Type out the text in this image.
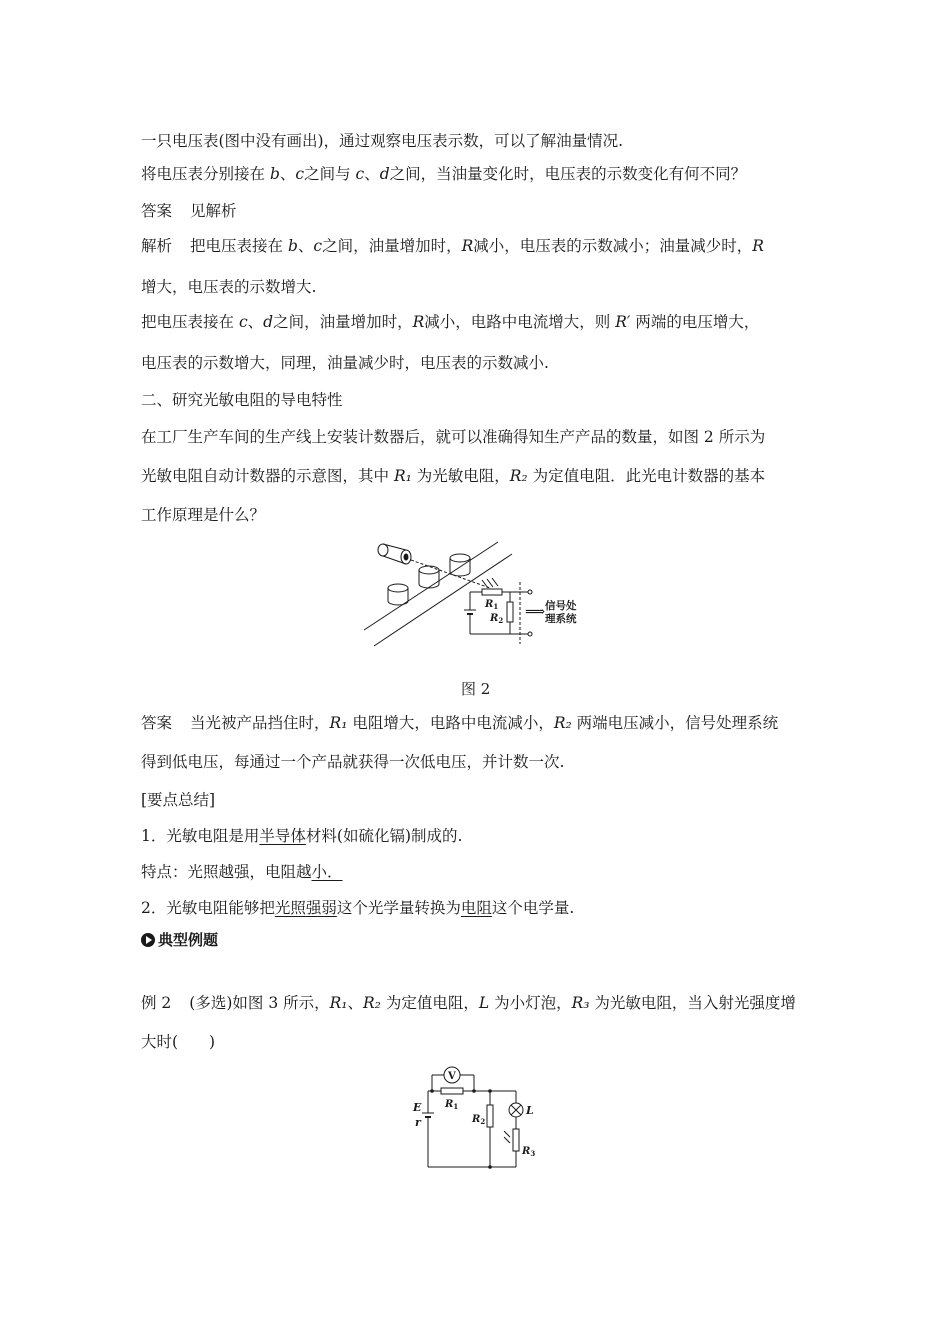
一只电压表(图中没有画出)，通过观察电压表示数，可以了解油量情况.
将电压表分别接在 b、c之间与 c、d之间，当油量变化时，电压表的示数变化有何不同？
答案 见解析
解析 把电压表接在 b、c之间，油量增加时，R减小，电压表的示数减小；油量减少时，R
增大，电压表的示数增大.
把电压表接在 c、d之间，油量增加时，R减小，电路中电流增大，则 R′ 两端的电压增大，
电压表的示数增大，同理，油量减少时，电压表的示数减小.
二、研究光敏电阻的导电特性
在工厂生产车间的生产线上安装计数器后，就可以准确得知生产产品的数量，如图 2 所示为
光敏电阻自动计数器的示意图，其中 R₁ 为光敏电阻，R₂ 为定值电阻．此光电计数器的基本
工作原理是什么？
$R_1$
$R_2$
⟹ 信号处
理系统
图 2
答案 当光被产品挡住时，R₁ 电阻增大，电路中电流减小，R₂ 两端电压减小，信号处理系统
得到低电压，每通过一个产品就获得一次低电压，并计数一次.
[要点总结]
1．光敏电阻是用半导体材料(如硫化镉)制成的.
特点：光照越强，电阻越小．
2．光敏电阻能够把光照强弱这个光学量转换为电阻这个电学量.
典型例题
例 2 (多选)如图 3 所示，R₁、R₂ 为定值电阻，L 为小灯泡，R₃ 为光敏电阻，当入射光强度增
大时(　　)
V
E
r
$R_1$
$R_2$
L
$R_3$
